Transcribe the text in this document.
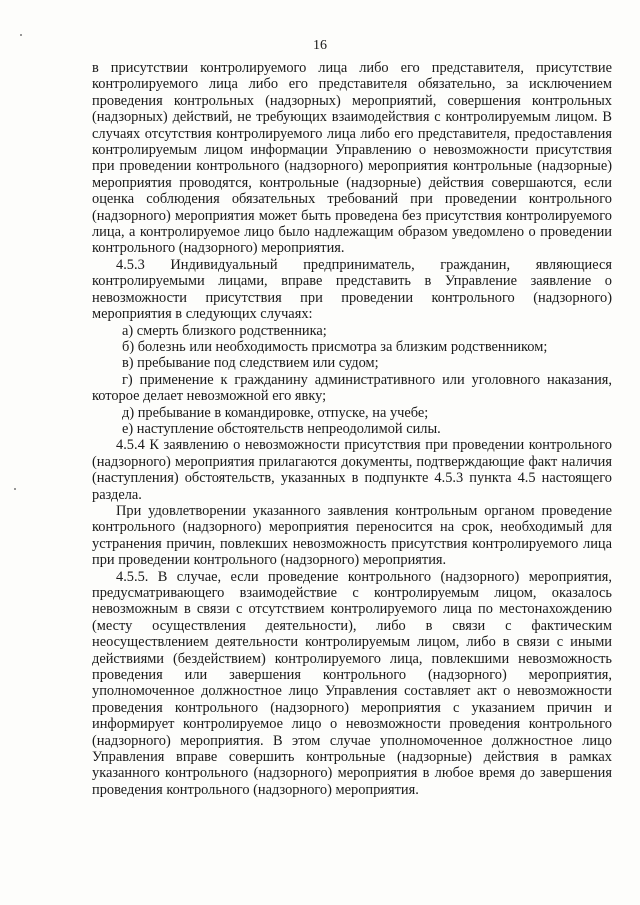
16

в присутствии контролируемого лица либо его представителя, присутствие контролируемого лица либо его представителя обязательно, за исключением проведения контрольных (надзорных) мероприятий, совершения контрольных (надзорных) действий, не требующих взаимодействия с контролируемым лицом. В случаях отсутствия контролируемого лица либо его представителя, предоставления контролируемым лицом информации Управлению о невозможности присутствия при проведении контрольного (надзорного) мероприятия контрольные (надзорные) мероприятия проводятся, контрольные (надзорные) действия совершаются, если оценка соблюдения обязательных требований при проведении контрольного (надзорного) мероприятия может быть проведена без присутствия контролируемого лица, а контролируемое лицо было надлежащим образом уведомлено о проведении контрольного (надзорного) мероприятия.

4.5.3 Индивидуальный предприниматель, гражданин, являющиеся контролируемыми лицами, вправе представить в Управление заявление о невозможности присутствия при проведении контрольного (надзорного) мероприятия в следующих случаях:

а) смерть близкого родственника;

б) болезнь или необходимость присмотра за близким родственником;

в) пребывание под следствием или судом;

г) применение к гражданину административного или уголовного наказания, которое делает невозможной его явку;

д) пребывание в командировке, отпуске, на учебе;

е) наступление обстоятельств непреодолимой силы.

4.5.4 К заявлению о невозможности присутствия при проведении контрольного (надзорного) мероприятия прилагаются документы, подтверждающие факт наличия (наступления) обстоятельств, указанных в подпункте 4.5.3 пункта 4.5 настоящего раздела.

При удовлетворении указанного заявления контрольным органом проведение контрольного (надзорного) мероприятия переносится на срок, необходимый для устранения причин, повлекших невозможность присутствия контролируемого лица при проведении контрольного (надзорного) мероприятия.

4.5.5. В случае, если проведение контрольного (надзорного) мероприятия, предусматривающего взаимодействие с контролируемым лицом, оказалось невозможным в связи с отсутствием контролируемого лица по местонахождению (месту осуществления деятельности), либо в связи с фактическим неосуществлением деятельности контролируемым лицом, либо в связи с иными действиями (бездействием) контролируемого лица, повлекшими невозможность проведения или завершения контрольного (надзорного) мероприятия, уполномоченное должностное лицо Управления составляет акт о невозможности проведения контрольного (надзорного) мероприятия с указанием причин и информирует контролируемое лицо о невозможности проведения контрольного (надзорного) мероприятия. В этом случае уполномоченное должностное лицо Управления вправе совершить контрольные (надзорные) действия в рамках указанного контрольного (надзорного) мероприятия в любое время до завершения проведения контрольного (надзорного) мероприятия.
